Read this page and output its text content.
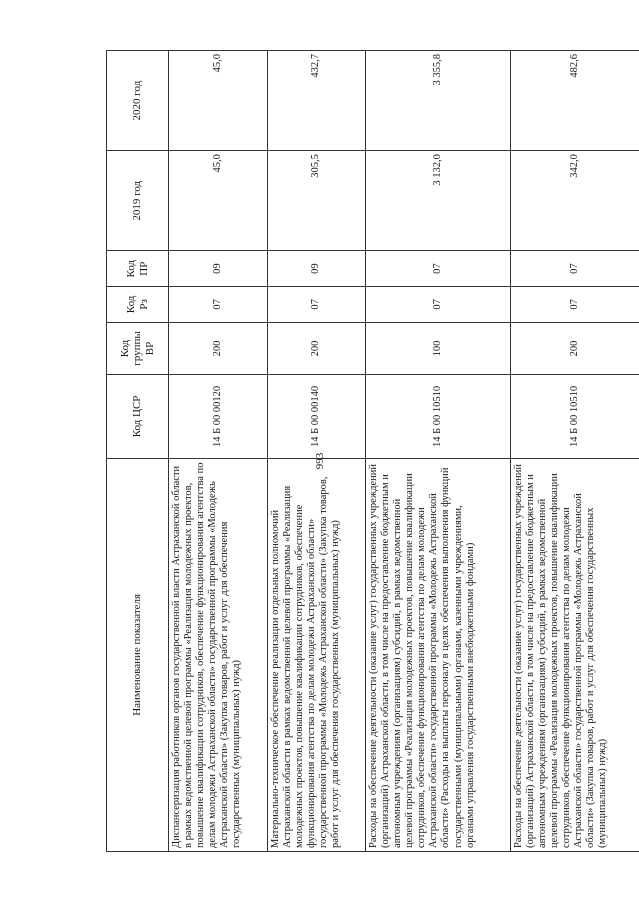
993
Наименование показателя	Код ЦСР	Код группы ВР	Код Рз	Код ПР	2019 год	2020 год
Диспансеризация работников органов государственной власти Астраханской области в рамках ведомственной целевой программы «Реализация молодежных проектов, повышение квалификации сотрудников, обеспечение функционирования агентства по делам молодежи Астраханской области» государственной программы «Молодежь Астраханской области» (Закупка товаров, работ и услуг для обеспечения государственных (муниципальных) нужд)	14 Б 00 00120	200	07	09	45,0	45,0
Материально-техническое обеспечение реализации отдельных полномочий Астраханской области в рамках ведомственной целевой программы «Реализация молодежных проектов, повышение квалификации сотрудников, обеспечение функционирования агентства по делам молодежи Астраханской области» государственной программы «Молодежь Астраханской области» (Закупка товаров, работ и услуг для обеспечения государственных (муниципальных) нужд)	14 Б 00 00140	200	07	09	305,5	432,7
Расходы на обеспечение деятельности (оказание услуг) государственных учреждений (организаций) Астраханской области, в том числе на предоставление бюджетным и автономным учреждениям (организациям) субсидий, в рамках ведомственной целевой программы «Реализация молодежных проектов, повышение квалификации сотрудников, обеспечение функционирования агентства по делам молодежи Астраханской области» государственной программы «Молодежь Астраханской области» (Расходы на выплаты персоналу в целях обеспечения выполнения функций государственными (муниципальными) органами, казенными учреждениями, органами управления государственными внебюджетными фондами)	14 Б 00 10510	100	07	07	3 132,0	3 355,8
Расходы на обеспечение деятельности (оказание услуг) государственных учреждений (организаций) Астраханской области, в том числе на предоставление бюджетным и автономным учреждениям (организациям) субсидий, в рамках ведомственной целевой программы «Реализация молодежных проектов, повышение квалификации сотрудников, обеспечение функционирования агентства по делам молодежи Астраханской области» государственной программы «Молодежь Астраханской области» (Закупка товаров, работ и услуг для обеспечения государственных (муниципальных) нужд)	14 Б 00 10510	200	07	07	342,0	482,6
